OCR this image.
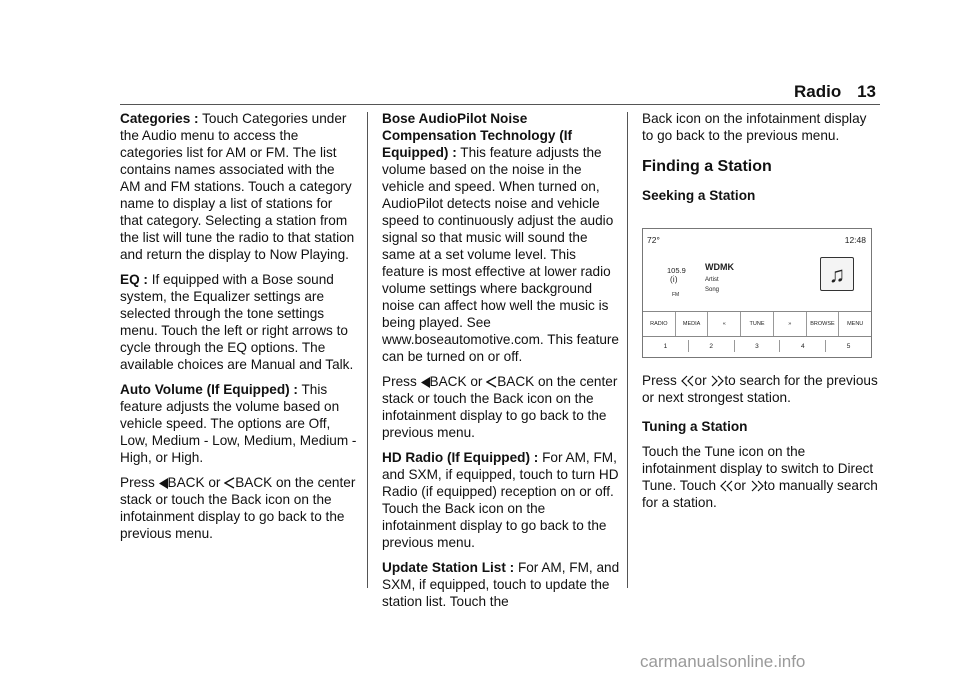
Radio 13

Categories : Touch Categories under the Audio menu to access the categories list for AM or FM. The list contains names associated with the AM and FM stations. Touch a category name to display a list of stations for that category. Selecting a station from the list will tune the radio to that station and return the display to Now Playing.

EQ : If equipped with a Bose sound system, the Equalizer settings are selected through the tone settings menu. Touch the left or right arrows to cycle through the EQ options. The available choices are Manual and Talk.

Auto Volume (If Equipped) : This feature adjusts the volume based on vehicle speed. The options are Off, Low, Medium - Low, Medium, Medium - High, or High.

Press BACK or BACK on the center stack or touch the Back icon on the infotainment display to go back to the previous menu.

Bose AudioPilot Noise Compensation Technology (If Equipped) : This feature adjusts the volume based on the noise in the vehicle and speed. When turned on, AudioPilot detects noise and vehicle speed to continuously adjust the audio signal so that music will sound the same at a set volume level. This feature is most effective at lower radio volume settings where background noise can affect how well the music is being played. See www.boseautomotive.com. This feature can be turned on or off.

Press BACK or BACK on the center stack or touch the Back icon on the infotainment display to go back to the previous menu.

HD Radio (If Equipped) : For AM, FM, and SXM, if equipped, touch to turn HD Radio (if equipped) reception on or off. Touch the Back icon on the infotainment display to go back to the previous menu.

Update Station List : For AM, FM, and SXM, if equipped, touch to update the station list. Touch the

Back icon on the infotainment display to go back to the previous menu.

Finding a Station
Seeking a Station
72°	12:48
105.9
(ı̇)
FM
WDMK
Artist
Song
♫
RADIO	MEDIA	«	TUNE	»	BROWSE	MENU
1	2	3	4	5

Press or to search for the previous or next strongest station.

Tuning a Station

Touch the Tune icon on the infotainment display to switch to Direct Tune. Touch or to manually search for a station.

carmanualsonline.info
